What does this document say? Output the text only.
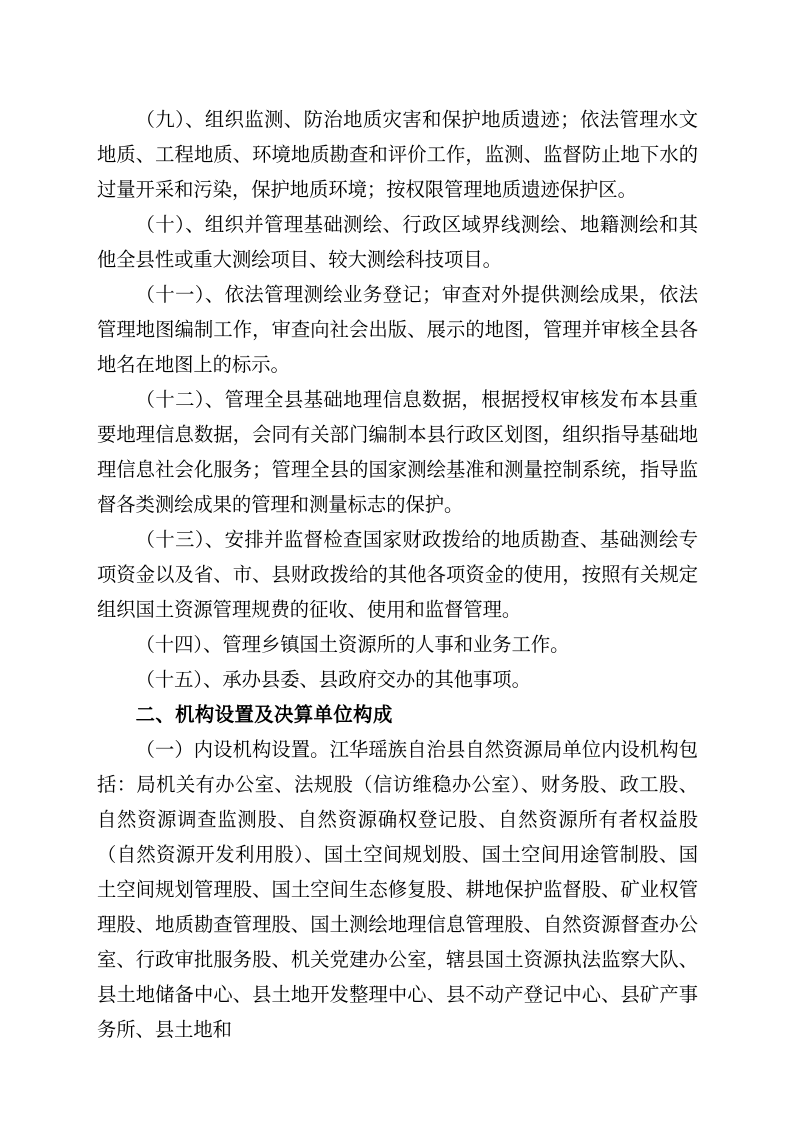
（九）、组织监测、防治地质灾害和保护地质遗迹；依法管理水文地质、工程地质、环境地质勘查和评价工作，监测、监督防止地下水的过量开采和污染，保护地质环境；按权限管理地质遗迹保护区。

（十）、组织并管理基础测绘、行政区域界线测绘、地籍测绘和其他全县性或重大测绘项目、较大测绘科技项目。

（十一）、依法管理测绘业务登记；审查对外提供测绘成果，依法管理地图编制工作，审查向社会出版、展示的地图，管理并审核全县各地名在地图上的标示。

（十二）、管理全县基础地理信息数据，根据授权审核发布本县重要地理信息数据，会同有关部门编制本县行政区划图，组织指导基础地理信息社会化服务；管理全县的国家测绘基准和测量控制系统，指导监督各类测绘成果的管理和测量标志的保护。

（十三）、安排并监督检查国家财政拨给的地质勘查、基础测绘专项资金以及省、市、县财政拨给的其他各项资金的使用，按照有关规定组织国土资源管理规费的征收、使用和监督管理。

（十四）、管理乡镇国土资源所的人事和业务工作。

（十五）、承办县委、县政府交办的其他事项。

二、机构设置及决算单位构成

（一）内设机构设置。江华瑶族自治县自然资源局单位内设机构包括：局机关有办公室、法规股（信访维稳办公室）、财务股、政工股、自然资源调查监测股、自然资源确权登记股、自然资源所有者权益股（自然资源开发利用股）、国土空间规划股、国土空间用途管制股、国土空间规划管理股、国土空间生态修复股、耕地保护监督股、矿业权管理股、地质勘查管理股、国土测绘地理信息管理股、自然资源督查办公室、行政审批服务股、机关党建办公室，辖县国土资源执法监察大队、县土地储备中心、县土地开发整理中心、县不动产登记中心、县矿产事务所、县土地和
